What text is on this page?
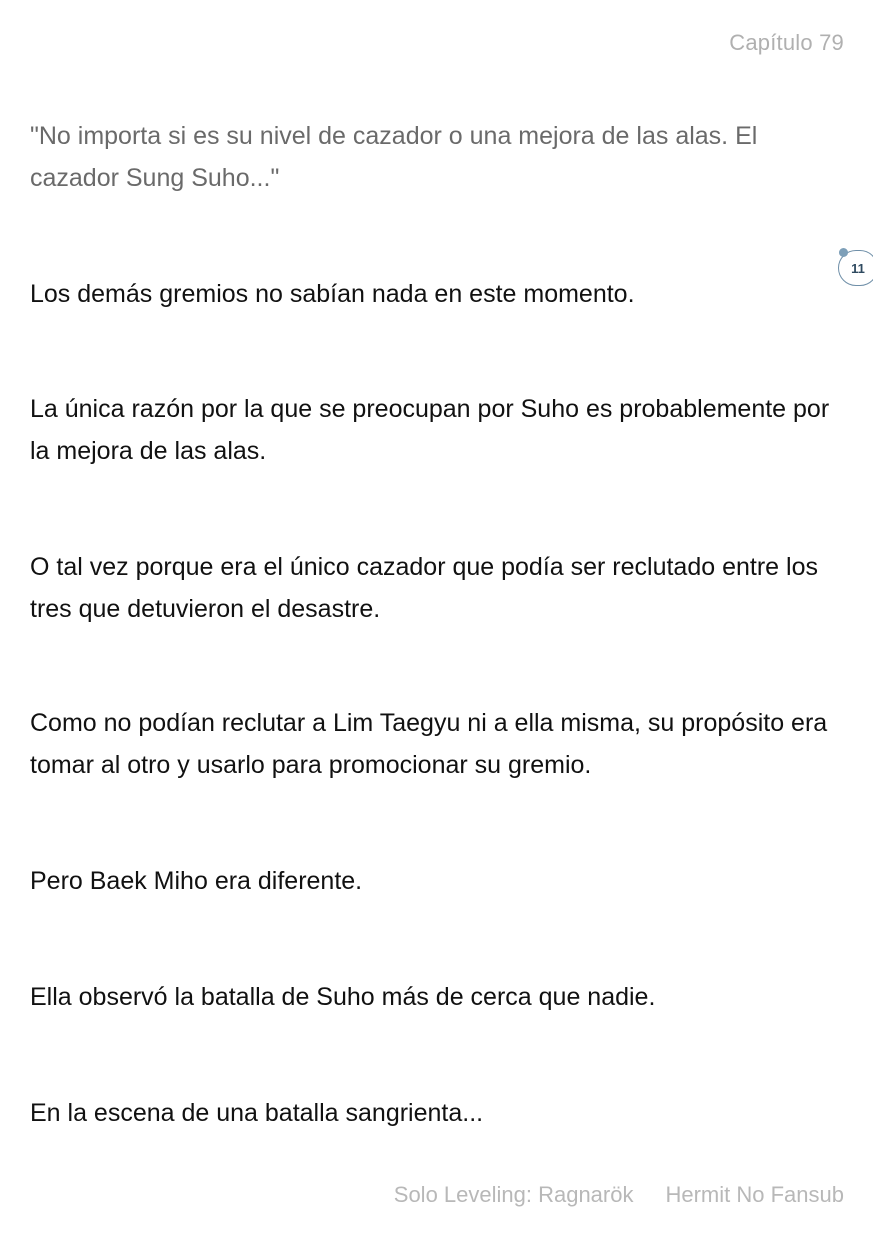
Capítulo 79

"No importa si es su nivel de cazador o una mejora de las alas. El cazador Sung Suho..."

11

Los demás gremios no sabían nada en este momento.

La única razón por la que se preocupan por Suho es probablemente por la mejora de las alas.

O tal vez porque era el único cazador que podía ser reclutado entre los tres que detuvieron el desastre.

Como no podían reclutar a Lim Taegyu ni a ella misma, su propósito era tomar al otro y usarlo para promocionar su gremio.

Pero Baek Miho era diferente.

Ella observó la batalla de Suho más de cerca que nadie.

En la escena de una batalla sangrienta...

Solo Leveling: Ragnarök Hermit No Fansub
